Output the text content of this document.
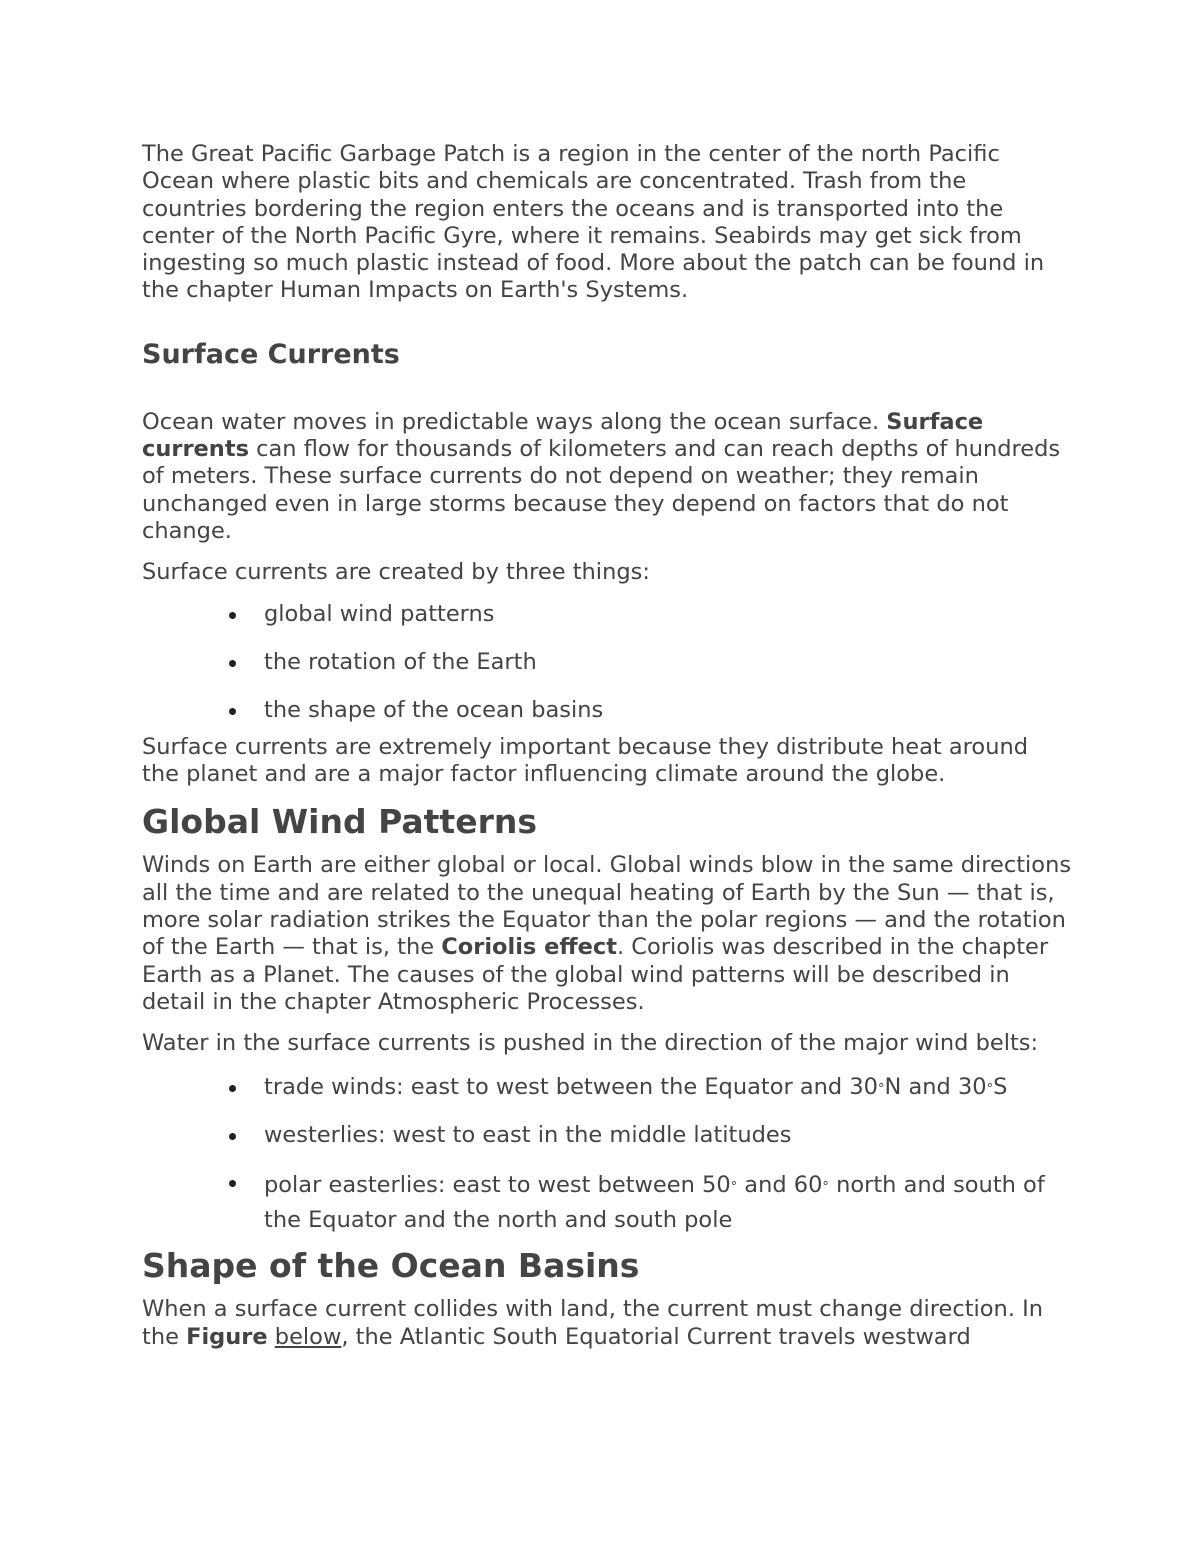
The Great Pacific Garbage Patch is a region in the center of the north Pacific Ocean where plastic bits and chemicals are concentrated. Trash from the countries bordering the region enters the oceans and is transported into the center of the North Pacific Gyre, where it remains. Seabirds may get sick from ingesting so much plastic instead of food. More about the patch can be found in the chapter Human Impacts on Earth's Systems.

Surface Currents

Ocean water moves in predictable ways along the ocean surface. Surface currents can flow for thousands of kilometers and can reach depths of hundreds of meters. These surface currents do not depend on weather; they remain unchanged even in large storms because they depend on factors that do not change.

Surface currents are created by three things:

global wind patterns
the rotation of the Earth
the shape of the ocean basins

Surface currents are extremely important because they distribute heat around the planet and are a major factor influencing climate around the globe.

Global Wind Patterns

Winds on Earth are either global or local. Global winds blow in the same directions all the time and are related to the unequal heating of Earth by the Sun — that is, more solar radiation strikes the Equator than the polar regions — and the rotation of the Earth — that is, the Coriolis effect. Coriolis was described in the chapter Earth as a Planet. The causes of the global wind patterns will be described in detail in the chapter Atmospheric Processes.

Water in the surface currents is pushed in the direction of the major wind belts:

trade winds: east to west between the Equator and 30°N and 30°S
westerlies: west to east in the middle latitudes
polar easterlies: east to west between 50° and 60° north and south of the Equator and the north and south pole
Shape of the Ocean Basins

When a surface current collides with land, the current must change direction. In the Figure below, the Atlantic South Equatorial Current travels westward
